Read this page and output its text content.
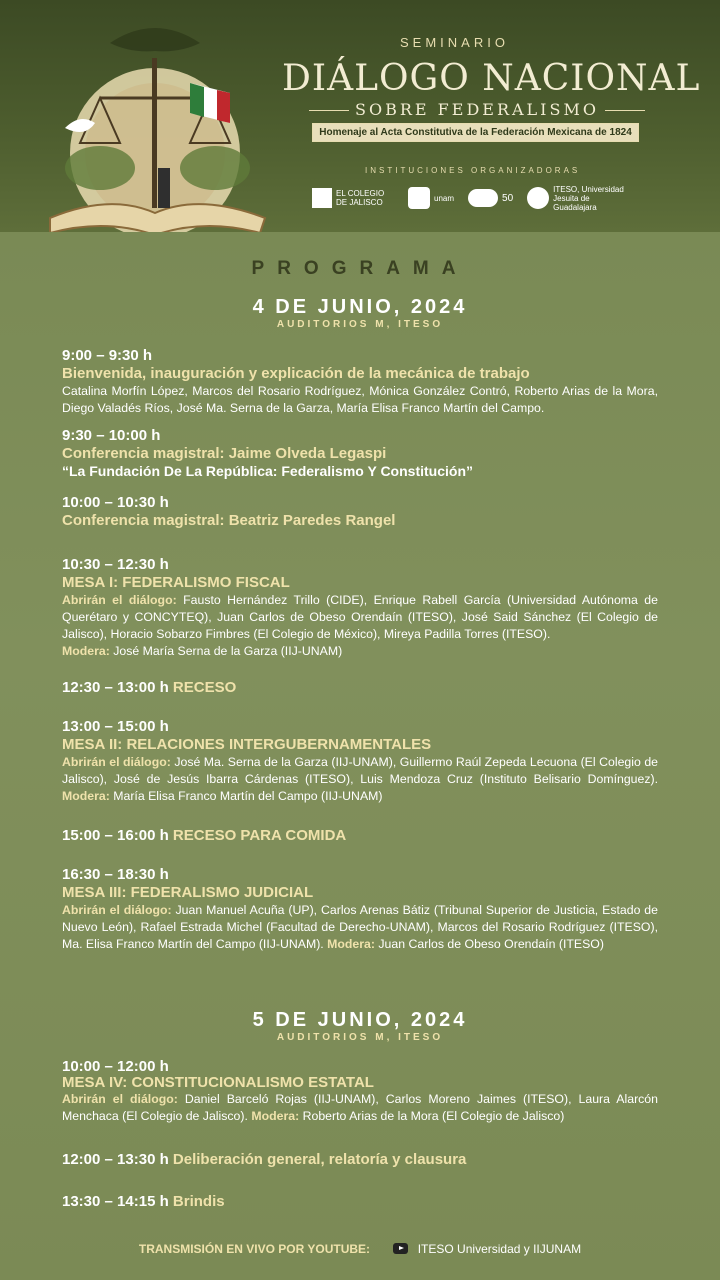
SEMINARIO
DIÁLOGO NACIONAL
SOBRE FEDERALISMO
Homenaje al Acta Constitutiva de la Federación Mexicana de 1824
INSTITUCIONES ORGANIZADORAS
EL COLEGIO DE JALISCO	unam	50
ITESO, Universidad Jesuita de Guadalajara
PROGRAMA
4 DE JUNIO, 2024
AUDITORIOS M, ITESO
9:00 – 9:30 h
Bienvenida, inauguración y explicación de la mecánica de trabajo
Catalina Morfín López, Marcos del Rosario Rodríguez, Mónica González Contró, Roberto Arias de la Mora, Diego Valadés Ríos, José Ma. Serna de la Garza, María Elisa Franco Martín del Campo.
9:30 – 10:00 h
Conferencia magistral: Jaime Olveda Legaspi
“La Fundación De La República: Federalismo Y Constitución”
10:00 – 10:30 h
Conferencia magistral: Beatriz Paredes Rangel
10:30 – 12:30 h
MESA I: FEDERALISMO FISCAL
Abrirán el diálogo: Fausto Hernández Trillo (CIDE), Enrique Rabell García (Universidad Autónoma de Querétaro y CONCYTEQ), Juan Carlos de Obeso Orendaín (ITESO), José Said Sánchez (El Colegio de Jalisco), Horacio Sobarzo Fimbres (El Colegio de México), Mireya Padilla Torres (ITESO).
Modera: José María Serna de la Garza (IIJ-UNAM)
12:30 – 13:00 h RECESO
13:00 – 15:00 h
MESA II: RELACIONES INTERGUBERNAMENTALES
Abrirán el diálogo: José Ma. Serna de la Garza (IIJ-UNAM), Guillermo Raúl Zepeda Lecuona (El Colegio de Jalisco), José de Jesús Ibarra Cárdenas (ITESO), Luis Mendoza Cruz (Instituto Belisario Domínguez). Modera: María Elisa Franco Martín del Campo (IIJ-UNAM)
15:00 – 16:00 h RECESO PARA COMIDA
16:30 – 18:30 h
MESA III: FEDERALISMO JUDICIAL
Abrirán el diálogo: Juan Manuel Acuña (UP), Carlos Arenas Bátiz (Tribunal Superior de Justicia, Estado de Nuevo León), Rafael Estrada Michel (Facultad de Derecho-UNAM), Marcos del Rosario Rodríguez (ITESO), Ma. Elisa Franco Martín del Campo (IIJ-UNAM). Modera: Juan Carlos de Obeso Orendaín (ITESO)
5 DE JUNIO, 2024
AUDITORIOS M, ITESO
10:00 – 12:00 h
MESA IV: CONSTITUCIONALISMO ESTATAL
Abrirán el diálogo: Daniel Barceló Rojas (IIJ-UNAM), Carlos Moreno Jaimes (ITESO), Laura Alarcón Menchaca (El Colegio de Jalisco). Modera: Roberto Arias de la Mora (El Colegio de Jalisco)
12:00 – 13:30 h Deliberación general, relatoría y clausura
13:30 – 14:15 h Brindis
TRANSMISIÓN EN VIVO POR YOUTUBE:	ITESO Universidad y IIJUNAM
